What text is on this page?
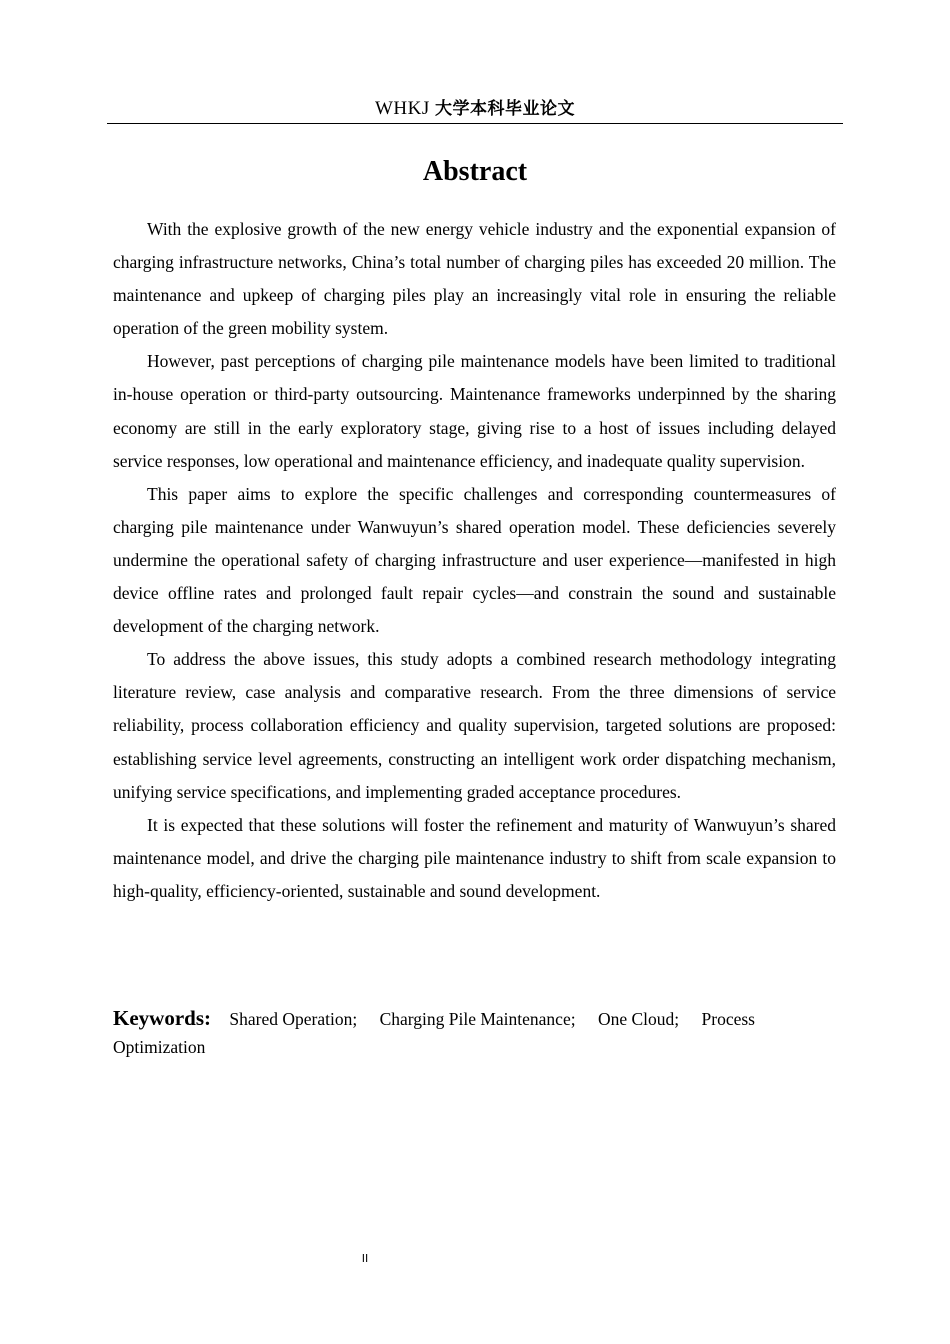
WHKJ 大学本科毕业论文
Abstract

With the explosive growth of the new energy vehicle industry and the exponential expansion of charging infrastructure networks, China’s total number of charging piles has exceeded 20 million. The maintenance and upkeep of charging piles play an increasingly vital role in ensuring the reliable operation of the green mobility system.

However, past perceptions of charging pile maintenance models have been limited to traditional in-house operation or third-party outsourcing. Maintenance frameworks underpinned by the sharing economy are still in the early exploratory stage, giving rise to a host of issues including delayed service responses, low operational and maintenance efficiency, and inadequate quality supervision.

This paper aims to explore the specific challenges and corresponding countermeasures of charging pile maintenance under Wanwuyun’s shared operation model. These deficiencies severely undermine the operational safety of charging infrastructure and user experience—manifested in high device offline rates and prolonged fault repair cycles—and constrain the sound and sustainable development of the charging network.

To address the above issues, this study adopts a combined research methodology integrating literature review, case analysis and comparative research. From the three dimensions of service reliability, process collaboration efficiency and quality supervision, targeted solutions are proposed: establishing service level agreements, constructing an intelligent work order dispatching mechanism, unifying service specifications, and implementing graded acceptance procedures.

It is expected that these solutions will foster the refinement and maturity of Wanwuyun’s shared maintenance model, and drive the charging pile maintenance industry to shift from scale expansion to high-quality, efficiency-oriented, sustainable and sound development.

Keywords: Shared Operation; Charging Pile Maintenance; One Cloud; Process Optimization
II
